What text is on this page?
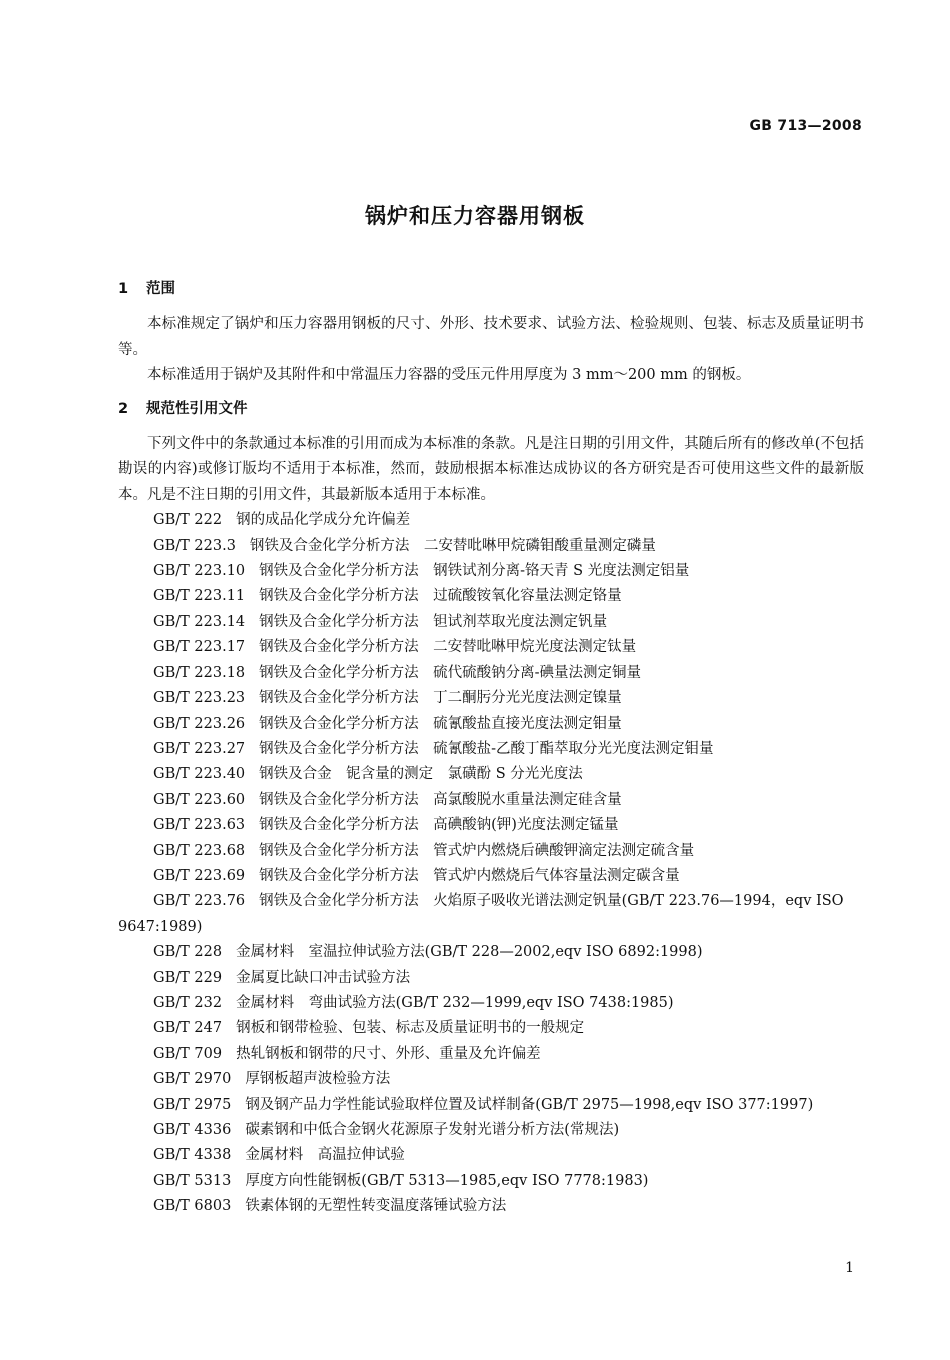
GB 713—2008
锅炉和压力容器用钢板
1 范围

本标准规定了锅炉和压力容器用钢板的尺寸、外形、技术要求、试验方法、检验规则、包装、标志及质量证明书等。

本标准适用于锅炉及其附件和中常温压力容器的受压元件用厚度为 3 mm～200 mm 的钢板。

2 规范性引用文件

下列文件中的条款通过本标准的引用而成为本标准的条款。凡是注日期的引用文件，其随后所有的修改单(不包括勘误的内容)或修订版均不适用于本标准，然而，鼓励根据本标准达成协议的各方研究是否可使用这些文件的最新版本。凡是不注日期的引用文件，其最新版本适用于本标准。

GB/T 222 钢的成品化学成分允许偏差
GB/T 223.3 钢铁及合金化学分析方法　二安替吡啉甲烷磷钼酸重量测定磷量
GB/T 223.10 钢铁及合金化学分析方法　钢铁试剂分离-铬天青 S 光度法测定铝量
GB/T 223.11 钢铁及合金化学分析方法　过硫酸铵氧化容量法测定铬量
GB/T 223.14 钢铁及合金化学分析方法　钽试剂萃取光度法测定钒量
GB/T 223.17 钢铁及合金化学分析方法　二安替吡啉甲烷光度法测定钛量
GB/T 223.18 钢铁及合金化学分析方法　硫代硫酸钠分离-碘量法测定铜量
GB/T 223.23 钢铁及合金化学分析方法　丁二酮肟分光光度法测定镍量
GB/T 223.26 钢铁及合金化学分析方法　硫氰酸盐直接光度法测定钼量
GB/T 223.27 钢铁及合金化学分析方法　硫氰酸盐-乙酸丁酯萃取分光光度法测定钼量
GB/T 223.40 钢铁及合金　铌含量的测定　氯磺酚 S 分光光度法
GB/T 223.60 钢铁及合金化学分析方法　高氯酸脱水重量法测定硅含量
GB/T 223.63 钢铁及合金化学分析方法　高碘酸钠(钾)光度法测定锰量
GB/T 223.68 钢铁及合金化学分析方法　管式炉内燃烧后碘酸钾滴定法测定硫含量
GB/T 223.69 钢铁及合金化学分析方法　管式炉内燃烧后气体容量法测定碳含量
GB/T 223.76 钢铁及合金化学分析方法　火焰原子吸收光谱法测定钒量(GB/T 223.76—1994，eqv ISO 9647:1989)
GB/T 228 金属材料　室温拉伸试验方法(GB/T 228—2002,eqv ISO 6892:1998)
GB/T 229 金属夏比缺口冲击试验方法
GB/T 232 金属材料　弯曲试验方法(GB/T 232—1999,eqv ISO 7438:1985)
GB/T 247 钢板和钢带检验、包装、标志及质量证明书的一般规定
GB/T 709 热轧钢板和钢带的尺寸、外形、重量及允许偏差
GB/T 2970 厚钢板超声波检验方法
GB/T 2975 钢及钢产品力学性能试验取样位置及试样制备(GB/T 2975—1998,eqv ISO 377:1997)
GB/T 4336 碳素钢和中低合金钢火花源原子发射光谱分析方法(常规法)
GB/T 4338 金属材料　高温拉伸试验
GB/T 5313 厚度方向性能钢板(GB/T 5313—1985,eqv ISO 7778:1983)
GB/T 6803 铁素体钢的无塑性转变温度落锤试验方法
1
